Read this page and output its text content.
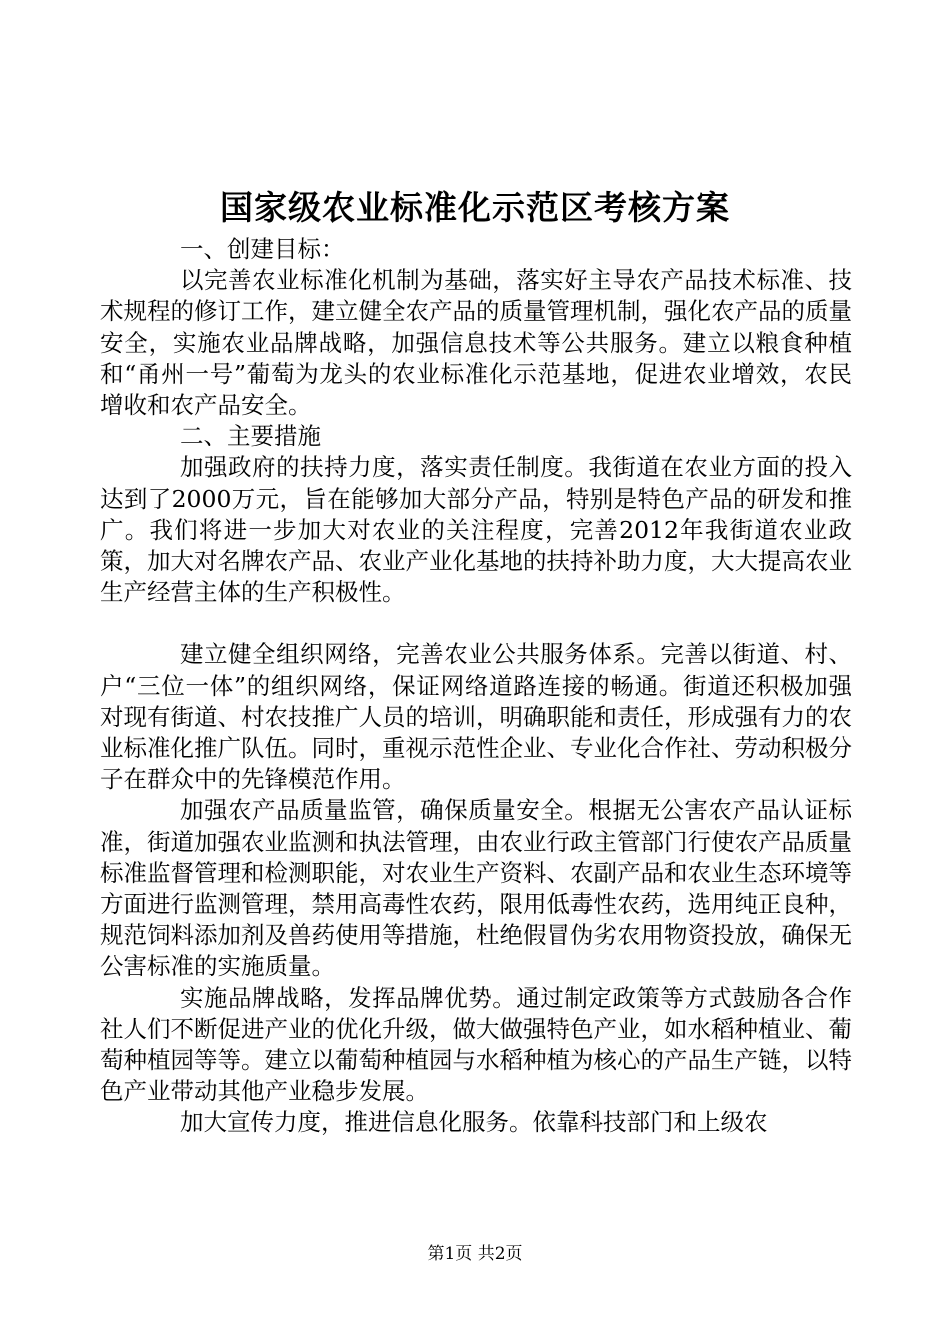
国家级农业标准化示范区考核方案

一、创建目标：

以完善农业标准化机制为基础，落实好主导农产品技术标准、技术规程的修订工作，建立健全农产品的质量管理机制，强化农产品的质量安全，实施农业品牌战略，加强信息技术等公共服务。建立以粮食种植和“甬州一号”葡萄为龙头的农业标准化示范基地，促进农业增效，农民增收和农产品安全。

二、主要措施

加强政府的扶持力度，落实责任制度。我街道在农业方面的投入达到了2000万元，旨在能够加大部分产品，特别是特色产品的研发和推广。我们将进一步加大对农业的关注程度，完善2012年我街道农业政策，加大对名牌农产品、农业产业化基地的扶持补助力度，大大提高农业生产经营主体的生产积极性。

建立健全组织网络，完善农业公共服务体系。完善以街道、村、户“三位一体”的组织网络，保证网络道路连接的畅通。街道还积极加强对现有街道、村农技推广人员的培训，明确职能和责任，形成强有力的农业标准化推广队伍。同时，重视示范性企业、专业化合作社、劳动积极分子在群众中的先锋模范作用。

加强农产品质量监管，确保质量安全。根据无公害农产品认证标准，街道加强农业监测和执法管理，由农业行政主管部门行使农产品质量标准监督管理和检测职能，对农业生产资料、农副产品和农业生态环境等方面进行监测管理，禁用高毒性农药，限用低毒性农药，选用纯正良种，规范饲料添加剂及兽药使用等措施，杜绝假冒伪劣农用物资投放，确保无公害标准的实施质量。

实施品牌战略，发挥品牌优势。通过制定政策等方式鼓励各合作社人们不断促进产业的优化升级，做大做强特色产业，如水稻种植业、葡萄种植园等等。建立以葡萄种植园与水稻种植为核心的产品生产链，以特色产业带动其他产业稳步发展。

加大宣传力度，推进信息化服务。依靠科技部门和上级农

第1页 共2页
